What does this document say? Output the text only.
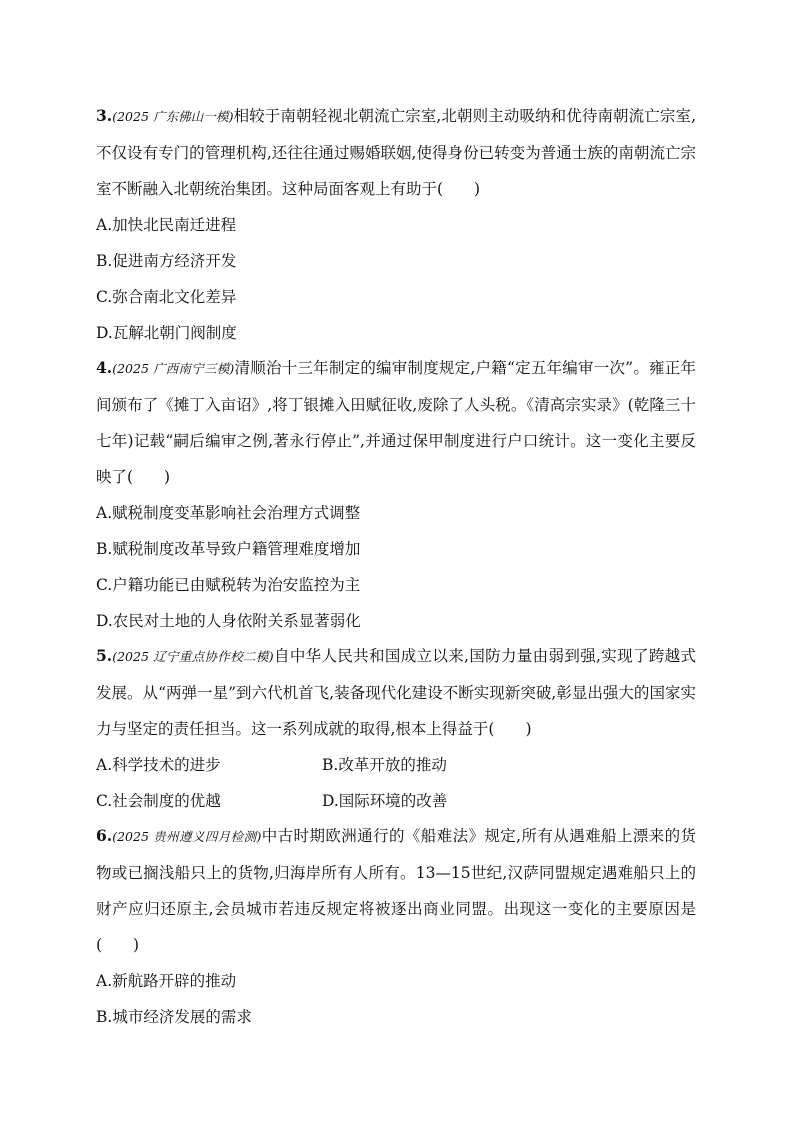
3.(2025 广东佛山一模)相较于南朝轻视北朝流亡宗室,北朝则主动吸纳和优待南朝流亡宗室,不仅设有专门的管理机构,还往往通过赐婚联姻,使得身份已转变为普通士族的南朝流亡宗室不断融入北朝统治集团。这种局面客观上有助于(　　)

A.加快北民南迁进程
B.促进南方经济开发
C.弥合南北文化差异
D.瓦解北朝门阀制度

4.(2025 广西南宁三模)清顺治十三年制定的编审制度规定,户籍“定五年编审一次”。雍正年间颁布了《摊丁入亩诏》,将丁银摊入田赋征收,废除了人头税。《清高宗实录》(乾隆三十七年)记载“嗣后编审之例,著永行停止”,并通过保甲制度进行户口统计。这一变化主要反映了(　　)

A.赋税制度变革影响社会治理方式调整
B.赋税制度改革导致户籍管理难度增加
C.户籍功能已由赋税转为治安监控为主
D.农民对土地的人身依附关系显著弱化

5.(2025 辽宁重点协作校二模)自中华人民共和国成立以来,国防力量由弱到强,实现了跨越式发展。从“两弹一星”到六代机首飞,装备现代化建设不断实现新突破,彰显出强大的国家实力与坚定的责任担当。这一系列成就的取得,根本上得益于(　　)

A.科学技术的进步	B.改革开放的推动
C.社会制度的优越	D.国际环境的改善

6.(2025 贵州遵义四月检测)中古时期欧洲通行的《船难法》规定,所有从遇难船上漂来的货物或已搁浅船只上的货物,归海岸所有人所有。13—15世纪,汉萨同盟规定遇难船只上的财产应归还原主,会员城市若违反规定将被逐出商业同盟。出现这一变化的主要原因是(　　)

A.新航路开辟的推动
B.城市经济发展的需求
